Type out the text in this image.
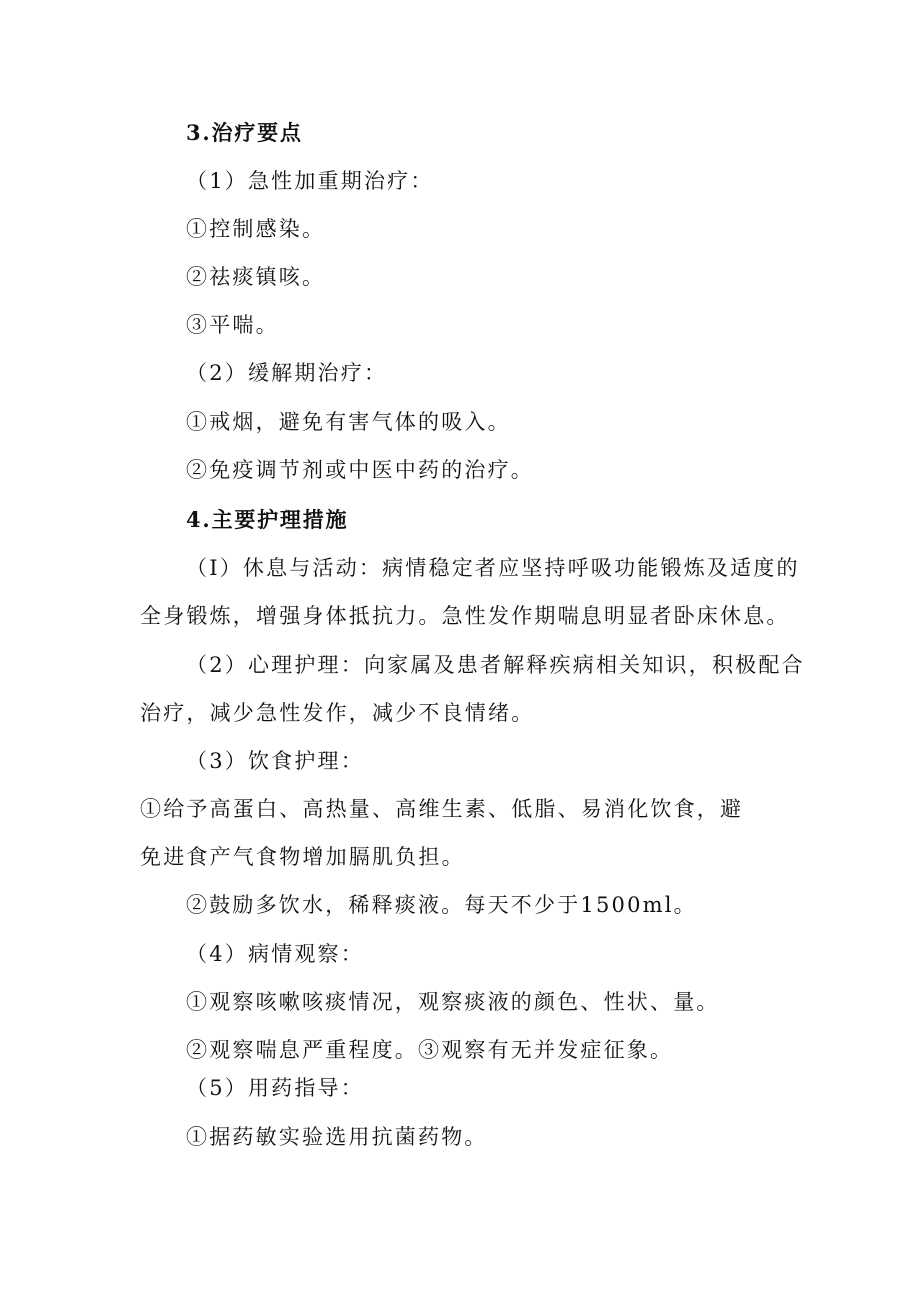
3.治疗要点
（1）急性加重期治疗：
①控制感染。
②祛痰镇咳。
③平喘。
（2）缓解期治疗：
①戒烟，避免有害气体的吸入。
②免疫调节剂或中医中药的治疗。
4.主要护理措施
（I）休息与活动：病情稳定者应坚持呼吸功能锻炼及适度的
全身锻炼，增强身体抵抗力。急性发作期喘息明显者卧床休息。
（2）心理护理：向家属及患者解释疾病相关知识，积极配合
治疗，减少急性发作，减少不良情绪。
（3）饮食护理：
①给予高蛋白、高热量、高维生素、低脂、易消化饮食，避
免进食产气食物增加膈肌负担。
②鼓励多饮水，稀释痰液。每天不少于1500ml。
（4）病情观察：
①观察咳嗽咳痰情况，观察痰液的颜色、性状、量。
②观察喘息严重程度。③观察有无并发症征象。
（5）用药指导：
①据药敏实验选用抗菌药物。
